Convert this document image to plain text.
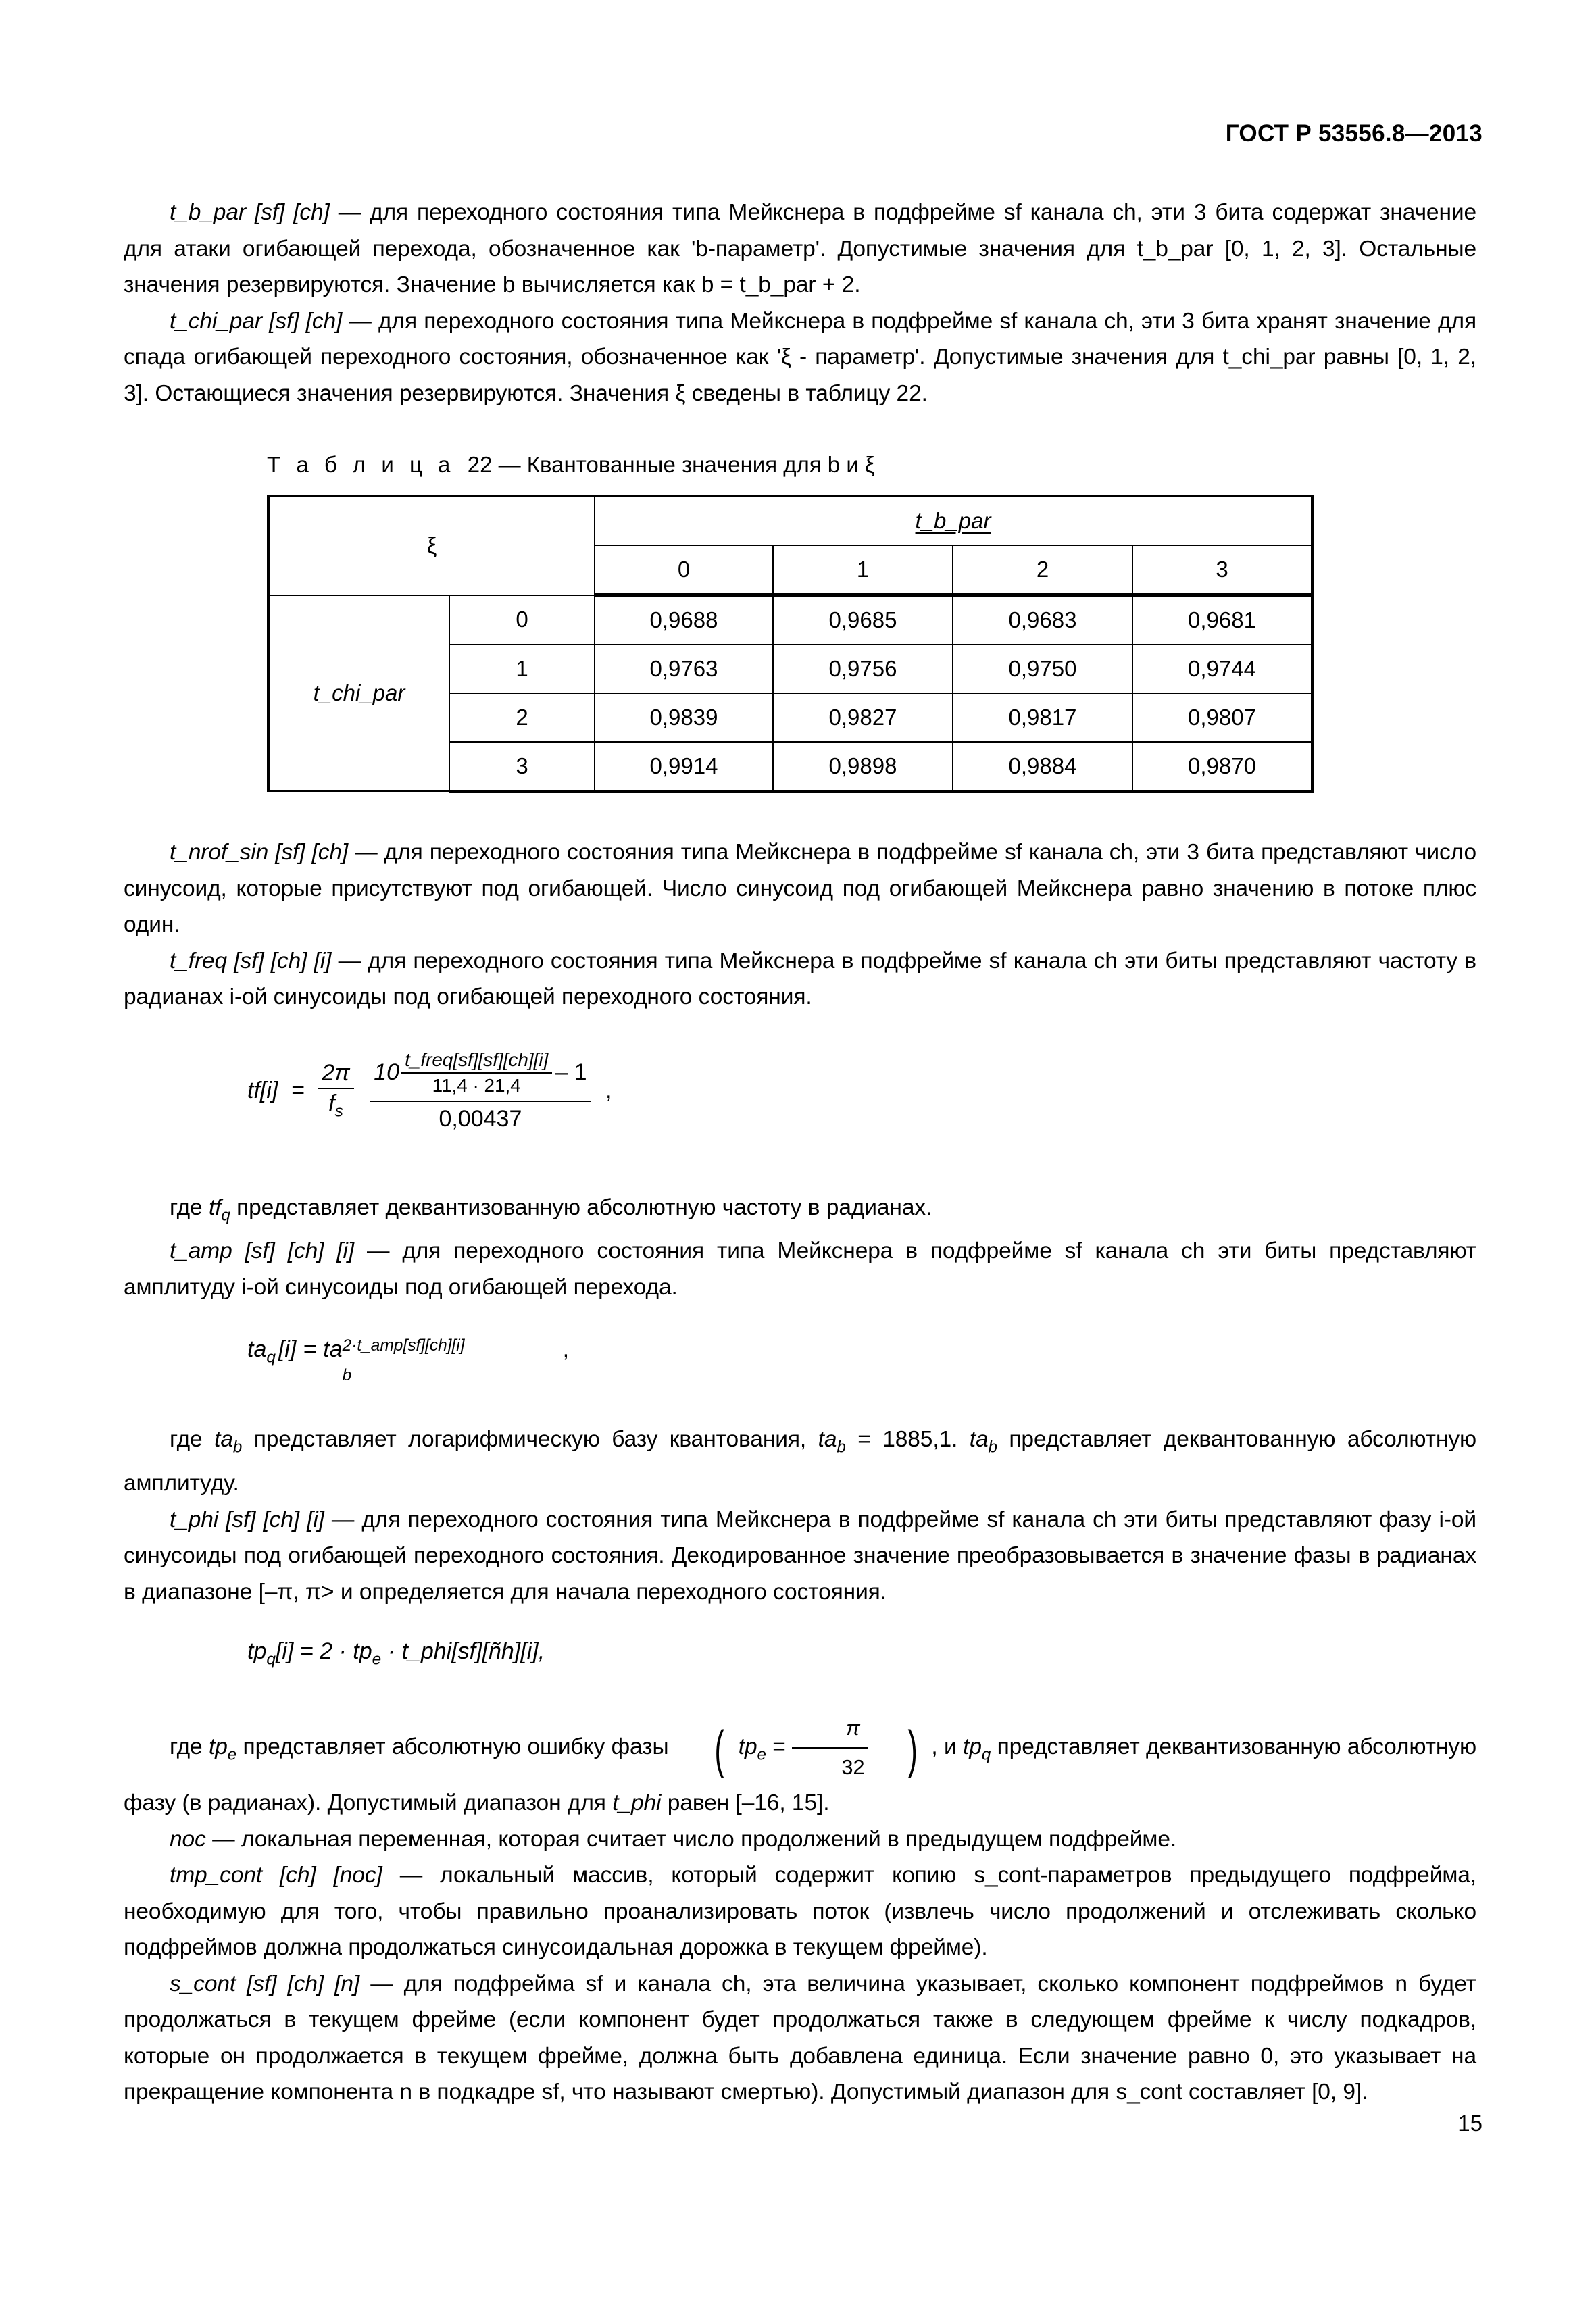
ГОСТ Р 53556.8—2013

t_b_par [sf] [ch] — для переходного состояния типа Мейкснера в подфрейме sf канала ch, эти 3 бита содержат значение для атаки огибающей перехода, обозначенное как 'b-параметр'. Допустимые значения для t_b_par [0, 1, 2, 3]. Остальные значения резервируются. Значение b вычисляется как b = t_b_par + 2.

t_chi_par [sf] [ch] — для переходного состояния типа Мейкснера в подфрейме sf канала ch, эти 3 бита хранят значение для спада огибающей переходного состояния, обозначенное как 'ξ - параметр'. Допустимые значения для t_chi_par равны [0, 1, 2, 3]. Остающиеся значения резервируются. Значения ξ сведены в таблицу 22.

Т а б л и ц а 22 — Квантованные значения для b и ξ
ξ		t_b_par			
		0	1	2	3
t_chi_par	0	0,9688	0,9685	0,9683	0,9681
	1	0,9763	0,9756	0,9750	0,9744
	2	0,9839	0,9827	0,9817	0,9807
	3	0,9914	0,9898	0,9884	0,9870

t_nrof_sin [sf] [ch] — для переходного состояния типа Мейкснера в подфрейме sf канала ch, эти 3 бита представляют число синусоид, которые присутствуют под огибающей. Число синусоид под огибающей Мейкснера равно значению в потоке плюс один.

t_freq [sf] [ch] [i] — для переходного состояния типа Мейкснера в подфрейме sf канала ch эти биты представляют частоту в радианах i-ой синусоиды под огибающей переходного состояния.

$tf[i] = \frac{2\pi}{f_s}$
$10 \frac{\text{t\_freq[sf][sf][ch][i]}}{11,4 \cdot 21,4} - 1$
0,00437
,

где $tf_q$ представляет деквантизованную абсолютную частоту в радианах.

t_amp [sf] [ch] [i] — для переходного состояния типа Мейкснера в подфрейме sf канала ch эти биты представляют амплитуду i-ой синусоиды под огибающей перехода.

$ta_q$ [i] = ta
b
2·t_amp[sf][ch][i]	,

где $ta_b$ представляет логарифмическую базу квантования, $ta_b = 1885,1$. $ta_b$ представляет деквантованную абсолютную амплитуду.

t_phi [sf] [ch] [i] — для переходного состояния типа Мейкснера в подфрейме sf канала ch эти биты представляют фазу i-ой синусоиды под огибающей переходного состояния. Декодированное значение преобразовывается в значение фазы в радианах в диапазоне [–π, π> и определяется для начала переходного состояния.

$tp_q[i] = 2 \cdot tp_e$ · t_phi[sf][ñh][i],

где $tp_e$ представляет абсолютную ошибку фазы ( $tp_e = \frac{\pi}{32}$ ) , и $tp_q$ представляет деквантизованную абсолютную фазу (в радианах). Допустимый диапазон для t_phi равен [–16, 15].

noc — локальная переменная, которая считает число продолжений в предыдущем подфрейме.

tmp_cont [ch] [noc] — локальный массив, который содержит копию s_cont-параметров предыдущего подфрейма, необходимую для того, чтобы правильно проанализировать поток (извлечь число продолжений и отслеживать сколько подфреймов должна продолжаться синусоидальная дорожка в текущем фрейме).

s_cont [sf] [ch] [n] — для подфрейма sf и канала ch, эта величина указывает, сколько компонент подфреймов n будет продолжаться в текущем фрейме (если компонент будет продолжаться также в следующем фрейме к числу подкадров, которые он продолжается в текущем фрейме, должна быть добавлена единица. Если значение равно 0, это указывает на прекращение компонента n в подкадре sf, что называют смертью). Допустимый диапазон для s_cont составляет [0, 9].

15
